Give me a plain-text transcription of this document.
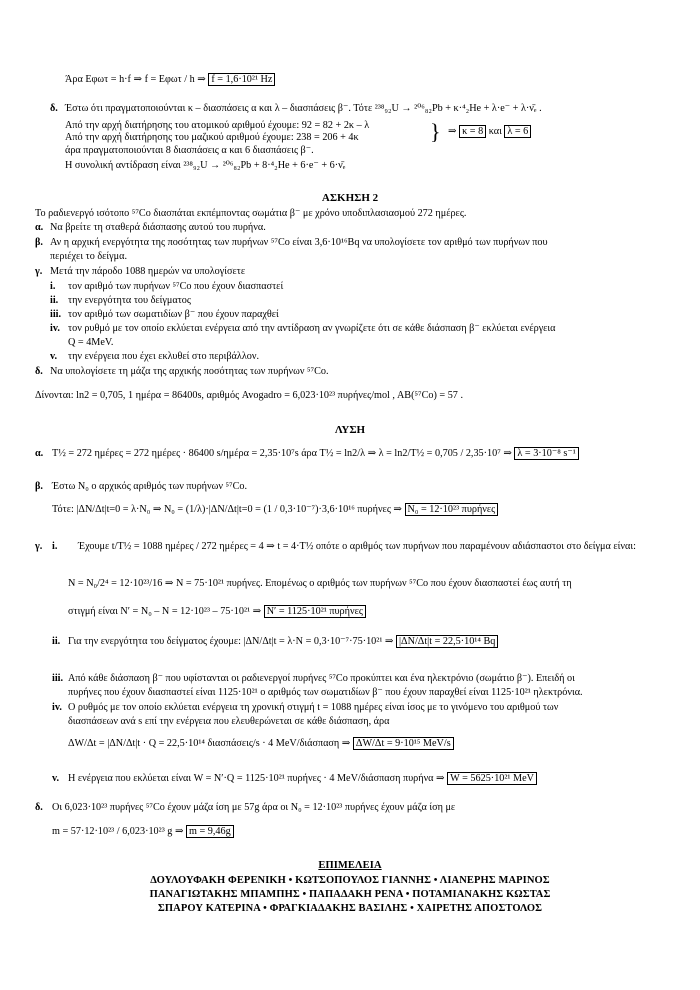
Άρα Eφωτ = h·f ⇒ f = Eφωτ / h ⇒ f = 1,6·10²¹ Hz
δ. Έστω ότι πραγματοποιούνται κ – διασπάσεις α και λ – διασπάσεις β⁻. Τότε ²³⁸₉₂U → ²⁰⁶₈₂Pb + κ·⁴₂He + λ·e⁻ + λ·ν̄ₑ .
Από την αρχή διατήρησης του ατομικού αριθμού έχουμε: 92 = 82 + 2κ – λ
Από την αρχή διατήρησης του μαζικού αριθμού έχουμε: 238 = 206 + 4κ	} ⇒ κ = 8 και λ = 6
άρα πραγματοποιούνται 8 διασπάσεις α και 6 διασπάσεις β⁻.
Η συνολική αντίδραση είναι ²³⁸₉₂U → ²⁰⁶₈₂Pb + 8·⁴₂He + 6·e⁻ + 6·ν̄ₑ
ΑΣΚΗΣΗ 2
Το ραδιενεργό ισότοπο ⁵⁷Co διασπάται εκπέμποντας σωμάτια β⁻ με χρόνο υποδιπλασιασμού 272 ημέρες.
α. Να βρείτε τη σταθερά διάσπασης αυτού του πυρήνα.
β. Αν η αρχική ενεργότητα της ποσότητας των πυρήνων ⁵⁷Co είναι 3,6·10¹⁶Bq να υπολογίσετε τον αριθμό των πυρήνων που
περιέχει το δείγμα.
γ. Μετά την πάροδο 1088 ημερών να υπολογίσετε
i. τον αριθμό των πυρήνων ⁵⁷Co που έχουν διασπαστεί
ii. την ενεργότητα του δείγματος
iii. τον αριθμό των σωματιδίων β⁻ που έχουν παραχθεί
iv. τον ρυθμό με τον οποίο εκλύεται ενέργεια από την αντίδραση αν γνωρίζετε ότι σε κάθε διάσπαση β⁻ εκλύεται ενέργεια
Q = 4MeV.
v. την ενέργεια που έχει εκλυθεί στο περιβάλλον.
δ. Να υπολογίσετε τη μάζα της αρχικής ποσότητας των πυρήνων ⁵⁷Co.
Δίνονται: ln2 = 0,705, 1 ημέρα = 86400s, αριθμός Avogadro = 6,023·10²³ πυρήνες/mol , AB(⁵⁷Co) = 57 .
ΛΥΣΗ
α. T½ = 272 ημέρες = 272 ημέρες · 86400 s/ημέρα = 2,35·10⁷s άρα T½ = ln2/λ ⇒ λ = ln2/T½ = 0,705 / 2,35·10⁷ ⇒ λ = 3·10⁻⁸ s⁻¹
β. Έστω N₀ ο αρχικός αριθμός των πυρήνων ⁵⁷Co.
Τότε: |ΔN/Δt|t=0 = λ·N₀ ⇒ N₀ = (1/λ)·|ΔN/Δt|t=0 = (1 / 0,3·10⁻⁷)·3,6·10¹⁶ πυρήνες ⇒ N₀ = 12·10²³ πυρήνες
γ. i. Έχουμε t/T½ = 1088 ημέρες / 272 ημέρες = 4 ⇒ t = 4·T½ οπότε ο αριθμός των πυρήνων που παραμένουν αδιάσπαστοι στο δείγμα είναι:
N = N₀/2⁴ = 12·10²³/16 ⇒ N = 75·10²¹ πυρήνες. Επομένως ο αριθμός των πυρήνων ⁵⁷Co που έχουν διασπαστεί έως αυτή τη
στιγμή είναι N′ = N₀ – N = 12·10²³ – 75·10²¹ ⇒ N′ = 1125·10²¹ πυρήνες
ii. Για την ενεργότητα του δείγματος έχουμε: |ΔN/Δt|t = λ·N = 0,3·10⁻⁷·75·10²¹ ⇒ |ΔN/Δt|t = 22,5·10¹⁴ Bq
iii. Από κάθε διάσπαση β⁻ που υφίστανται οι ραδιενεργοί πυρήνες ⁵⁷Co προκύπτει και ένα ηλεκτρόνιο (σωμάτιο β⁻). Επειδή οι
πυρήνες που έχουν διασπαστεί είναι 1125·10²¹ ο αριθμός των σωματιδίων β⁻ που έχουν παραχθεί είναι 1125·10²¹ ηλεκτρόνια.
iv. Ο ρυθμός με τον οποίο εκλύεται ενέργεια τη χρονική στιγμή t = 1088 ημέρες είναι ίσος με το γινόμενο του αριθμού των
διασπάσεων ανά s επί την ενέργεια που ελευθερώνεται σε κάθε διάσπαση, άρα
ΔW/Δt = |ΔN/Δt|t · Q = 22,5·10¹⁴ διασπάσεις/s · 4 MeV/διάσπαση ⇒ ΔW/Δt = 9·10¹⁵ MeV/s
v. Η ενέργεια που εκλύεται είναι W = N′·Q = 1125·10²¹ πυρήνες · 4 MeV/διάσπαση πυρήνα ⇒ W = 5625·10²¹ MeV
δ. Οι 6,023·10²³ πυρήνες ⁵⁷Co έχουν μάζα ίση με 57g άρα οι N₀ = 12·10²³ πυρήνες έχουν μάζα ίση με
m = 57·12·10²³ / 6,023·10²³ g ⇒ m = 9,46g
ΕΠΙΜΕΛΕΙΑ
ΔΟΥΛΟΥΦΑΚΗ ΦΕΡΕΝΙΚΗ • ΚΩΤΣΟΠΟΥΛΟΣ ΓΙΑΝΝΗΣ • ΛΙΑΝΕΡΗΣ ΜΑΡΙΝΟΣ
ΠΑΝΑΓΙΩΤΑΚΗΣ ΜΠΑΜΠΗΣ • ΠΑΠΑΔΑΚΗ ΡΕΝΑ • ΠΟΤΑΜΙΑΝΑΚΗΣ ΚΩΣΤΑΣ
ΣΠΑΡΟΥ ΚΑΤΕΡΙΝΑ • ΦΡΑΓΚΙΑΔΑΚΗΣ ΒΑΣΙΛΗΣ • ΧΑΙΡΕΤΗΣ ΑΠΟΣΤΟΛΟΣ
